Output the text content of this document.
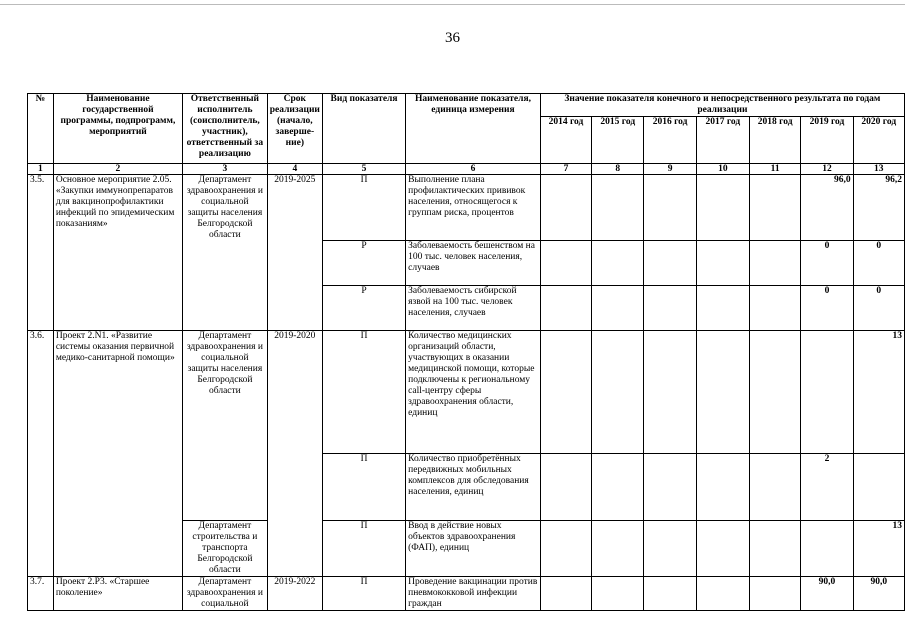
36
№	Наименование государственной программы, подпрограмм, мероприятий	Ответственный исполнитель (соисполнитель, участник), ответственный за реализацию	Срок реализации (начало, заверше-ние)	Вид показателя	Наименование показателя, единица измерения	Значение показателя конечного и непосредственного результата по годам реализации						
						2014 год	2015 год	2016 год	2017 год	2018 год	2019 год	2020 год
1	2	3	4	5	6	7	8	9	10	11	12	13
3.5.	Основное мероприятие 2.05. «Закупки иммунопрепаратов для вакцинопрофилактики инфекций по эпидемическим показаниям»	Департамент здравоохранения и социальной защиты населения Белгородской области	2019-2025	П	Выполнение плана профилактических прививок населения, относящегося к группам риска, процентов						96,0	96,2
				Р	Заболеваемость бешенством на 100 тыс. человек населения, случаев						0	0
				Р	Заболеваемость сибирской язвой на 100 тыс. человек населения, случаев						0	0
3.6.	Проект 2.N1. «Развитие системы оказания первичной медико-санитарной помощи»	Департамент здравоохранения и социальной защиты населения Белгородской области	2019-2020	П	Количество медицинских организаций области, участвующих в оказании медицинской помощи, которые подключены к региональному call-центру сферы здравоохранения области, единиц							13
				П	Количество приобретённых передвижных мобильных комплексов для обследования населения, единиц						2	
		Департамент строительства и транспорта Белгородской области		П	Ввод в действие новых объектов здравоохранения (ФАП), единиц							13
3.7.	Проект 2.Р3. «Старшее поколение»	Департамент здравоохранения и социальной	2019-2022	П	Проведение вакцинации против пневмококковой инфекции граждан						90,0	90,0
